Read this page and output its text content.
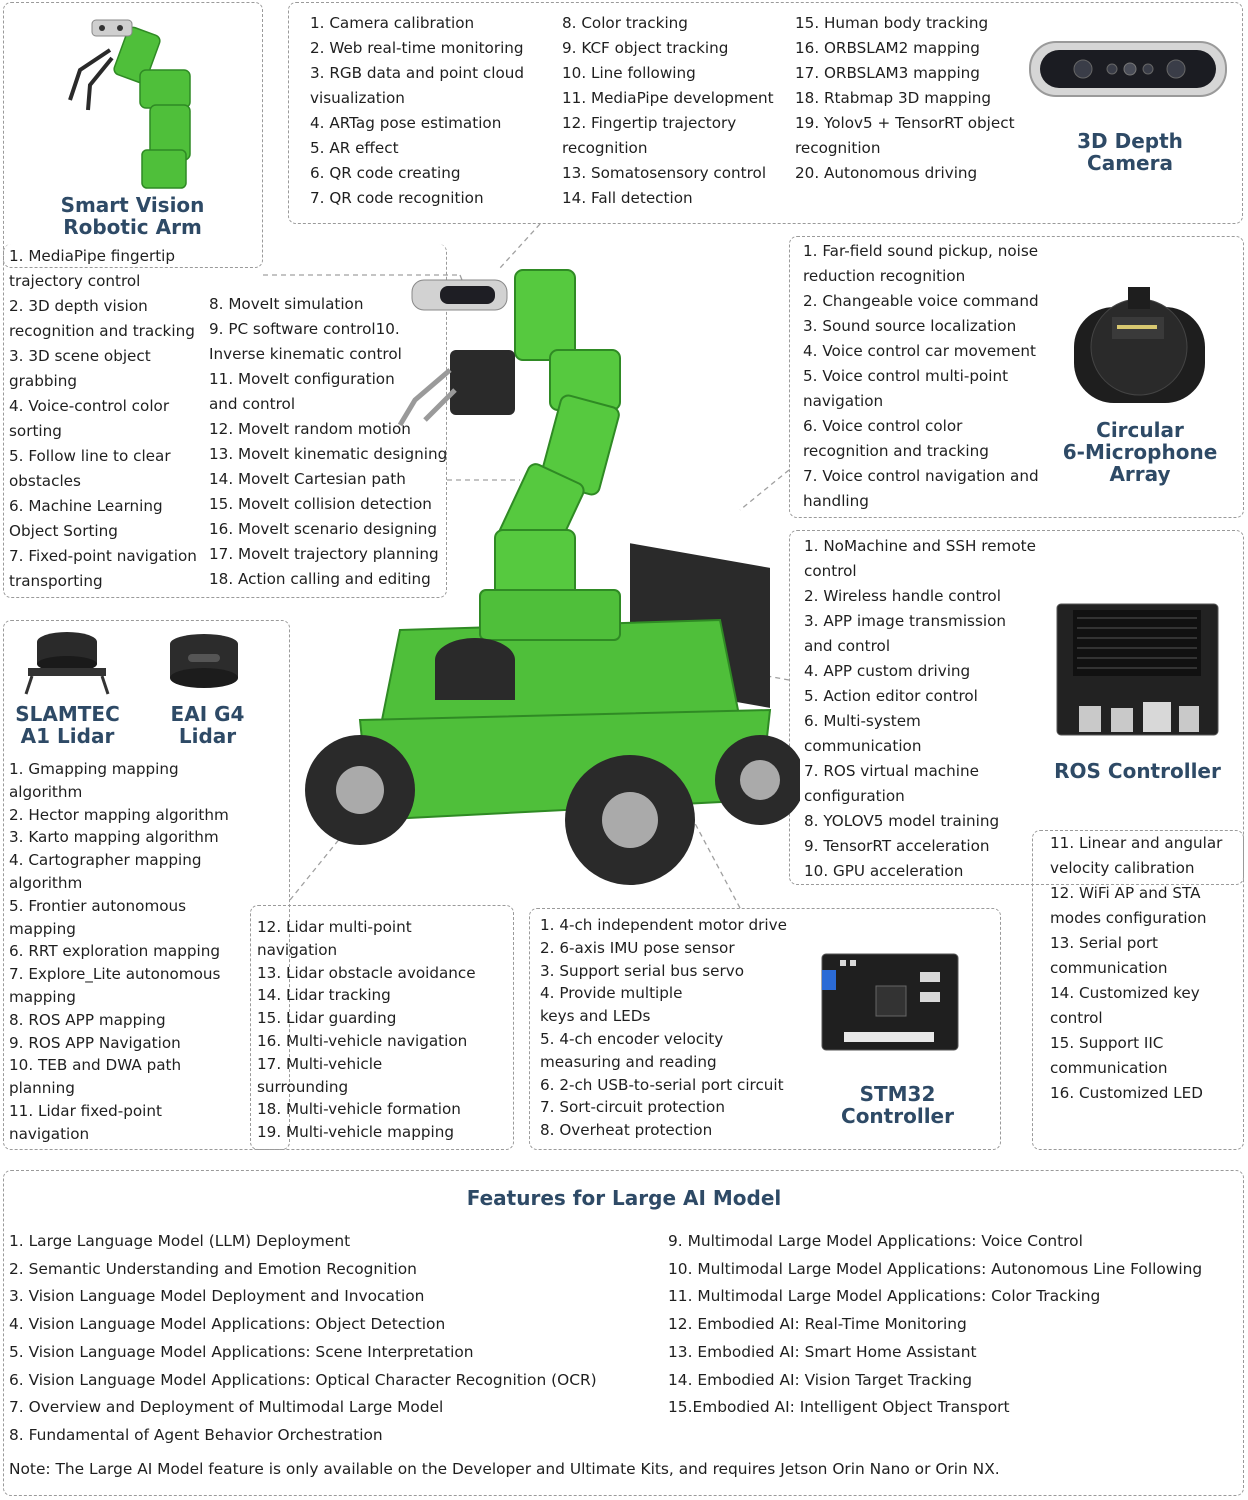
Smart Vision
Robotic Arm
1. MediaPipe fingertip
trajectory control
2. 3D depth vision
recognition and tracking
3. 3D scene object
grabbing
4. Voice-control color
sorting
5. Follow line to clear
obstacles
6. Machine Learning
Object Sorting
7. Fixed-point navigation
transporting
8. MoveIt simulation
9. PC software control10.
Inverse kinematic control
11. MoveIt configuration
and control
12. MoveIt random motion
13. MoveIt kinematic designing
14. MoveIt Cartesian path
15. MoveIt collision detection
16. MoveIt scenario designing
17. MoveIt trajectory planning
18. Action calling and editing
1. Camera calibration
2. Web real-time monitoring
3. RGB data and point cloud
visualization
4. ARTag pose estimation
5. AR effect
6. QR code creating
7. QR code recognition
8. Color tracking
9. KCF object tracking
10. Line following
11. MediaPipe development
12. Fingertip trajectory
recognition
13. Somatosensory control
14. Fall detection
15. Human body tracking
16. ORBSLAM2 mapping
17. ORBSLAM3 mapping
18. Rtabmap 3D mapping
19. Yolov5 + TensorRT object
recognition
20. Autonomous driving
3D Depth
Camera
1. Far-field sound pickup, noise
reduction recognition
2. Changeable voice command
3. Sound source localization
4. Voice control car movement
5. Voice control multi-point
navigation
6. Voice control color
recognition and tracking
7. Voice control navigation and
handling
Circular
6-Microphone
Array
1. NoMachine and SSH remote
control
2. Wireless handle control
3. APP image transmission
and control
4. APP custom driving
5. Action editor control
6. Multi-system
communication
7. ROS virtual machine
configuration
8. YOLOV5 model training
9. TensorRT acceleration
10. GPU acceleration
ROS Controller
11. Linear and angular
velocity calibration
12. WiFi AP and STA
modes configuration
13. Serial port
communication
14. Customized key
control
15. Support IIC
communication
16. Customized LED
SLAMTEC
A1 Lidar
EAI G4
Lidar
1. Gmapping mapping
algorithm
2. Hector mapping algorithm
3. Karto mapping algorithm
4. Cartographer mapping
algorithm
5. Frontier autonomous
mapping
6. RRT exploration mapping
7. Explore_Lite autonomous
mapping
8. ROS APP mapping
9. ROS APP Navigation
10. TEB and DWA path
planning
11. Lidar fixed-point
navigation
12. Lidar multi-point
navigation
13. Lidar obstacle avoidance
14. Lidar tracking
15. Lidar guarding
16. Multi-vehicle navigation
17. Multi-vehicle
surrounding
18. Multi-vehicle formation
19. Multi-vehicle mapping
1. 4-ch independent motor drive
2. 6-axis IMU pose sensor
3. Support serial bus servo
4. Provide multiple
keys and LEDs
5. 4-ch encoder velocity
measuring and reading
6. 2-ch USB-to-serial port circuit
7. Sort-circuit protection
8. Overheat protection
STM32 Controller
Features for Large AI Model
1. Large Language Model (LLM) Deployment
2. Semantic Understanding and Emotion Recognition
3. Vision Language Model Deployment and Invocation
4. Vision Language Model Applications: Object Detection
5. Vision Language Model Applications: Scene Interpretation
6. Vision Language Model Applications: Optical Character Recognition (OCR)
7. Overview and Deployment of Multimodal Large Model
8. Fundamental of Agent Behavior Orchestration
9. Multimodal Large Model Applications: Voice Control
10. Multimodal Large Model Applications: Autonomous Line Following
11. Multimodal Large Model Applications: Color Tracking
12. Embodied AI: Real-Time Monitoring
13. Embodied AI: Smart Home Assistant
14. Embodied AI: Vision Target Tracking
15.Embodied AI: Intelligent Object Transport
Note: The Large AI Model feature is only available on the Developer and Ultimate Kits, and requires Jetson Orin Nano or Orin NX.
